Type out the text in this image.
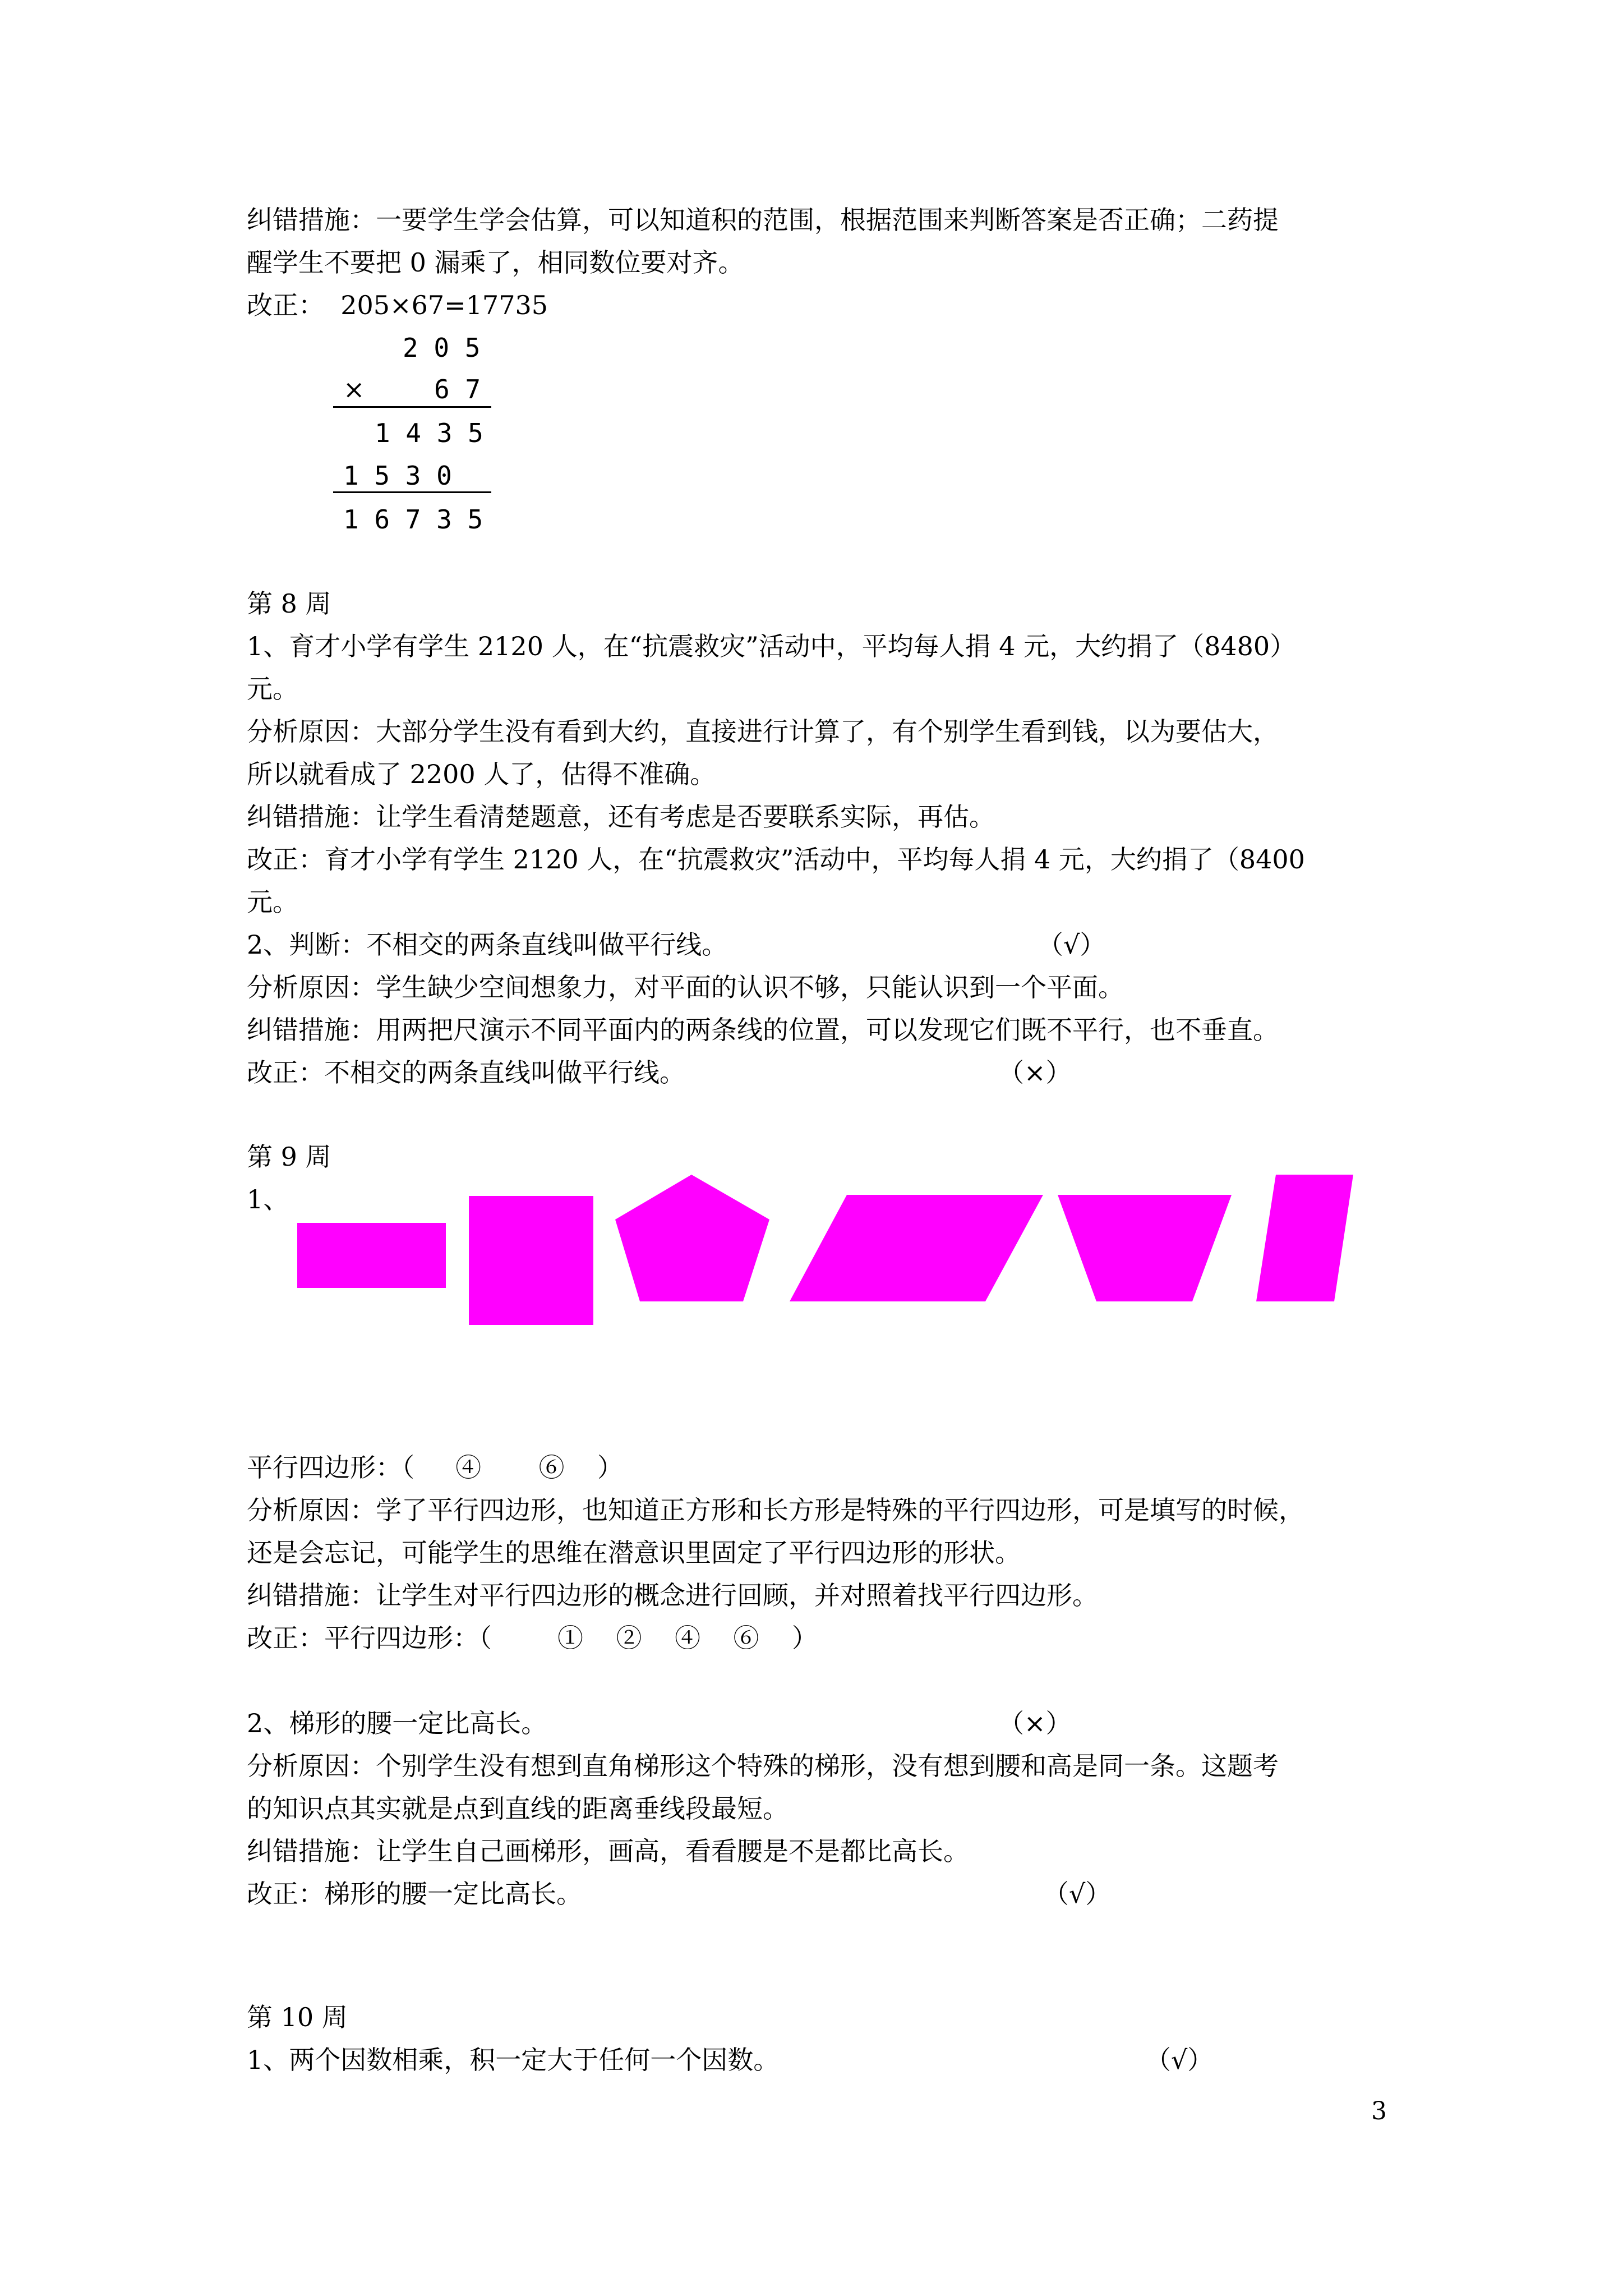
纠错措施：一要学生学会估算，可以知道积的范围，根据范围来判断答案是否正确；二药提
醒学生不要把 0 漏乘了，相同数位要对齐。
改正：  205×67=17735
2 0 5
×	6 7
1 4 3 5
1 5 3 0
1 6 7 3 5
第 8 周
1、育才小学有学生 2120 人，在“抗震救灾”活动中，平均每人捐 4 元，大约捐了（8480）
元。
分析原因：大部分学生没有看到大约，直接进行计算了，有个别学生看到钱，以为要估大，
所以就看成了 2200 人了，估得不准确。
纠错措施：让学生看清楚题意，还有考虑是否要联系实际，再估。
改正：育才小学有学生 2120 人，在“抗震救灾”活动中，平均每人捐 4 元，大约捐了（8400
元。
2、判断：不相交的两条直线叫做平行线。	（√）
分析原因：学生缺少空间想象力，对平面的认识不够，只能认识到一个平面。
纠错措施：用两把尺演示不同平面内的两条线的位置，可以发现它们既不平行，也不垂直。
改正：不相交的两条直线叫做平行线。	（×）
第 9 周
1、
平行四边形：（     ④       ⑥    ）
分析原因：学了平行四边形，也知道正方形和长方形是特殊的平行四边形，可是填写的时候，
还是会忘记，可能学生的思维在潜意识里固定了平行四边形的形状。
纠错措施：让学生对平行四边形的概念进行回顾，并对照着找平行四边形。
改正：平行四边形：（        ①    ②    ④    ⑥    ）
2、梯形的腰一定比高长。	（×）
分析原因：个别学生没有想到直角梯形这个特殊的梯形，没有想到腰和高是同一条。这题考
的知识点其实就是点到直线的距离垂线段最短。
纠错措施：让学生自己画梯形，画高，看看腰是不是都比高长。
改正：梯形的腰一定比高长。	（√）
第 10 周
1、两个因数相乘，积一定大于任何一个因数。	（√）
3
